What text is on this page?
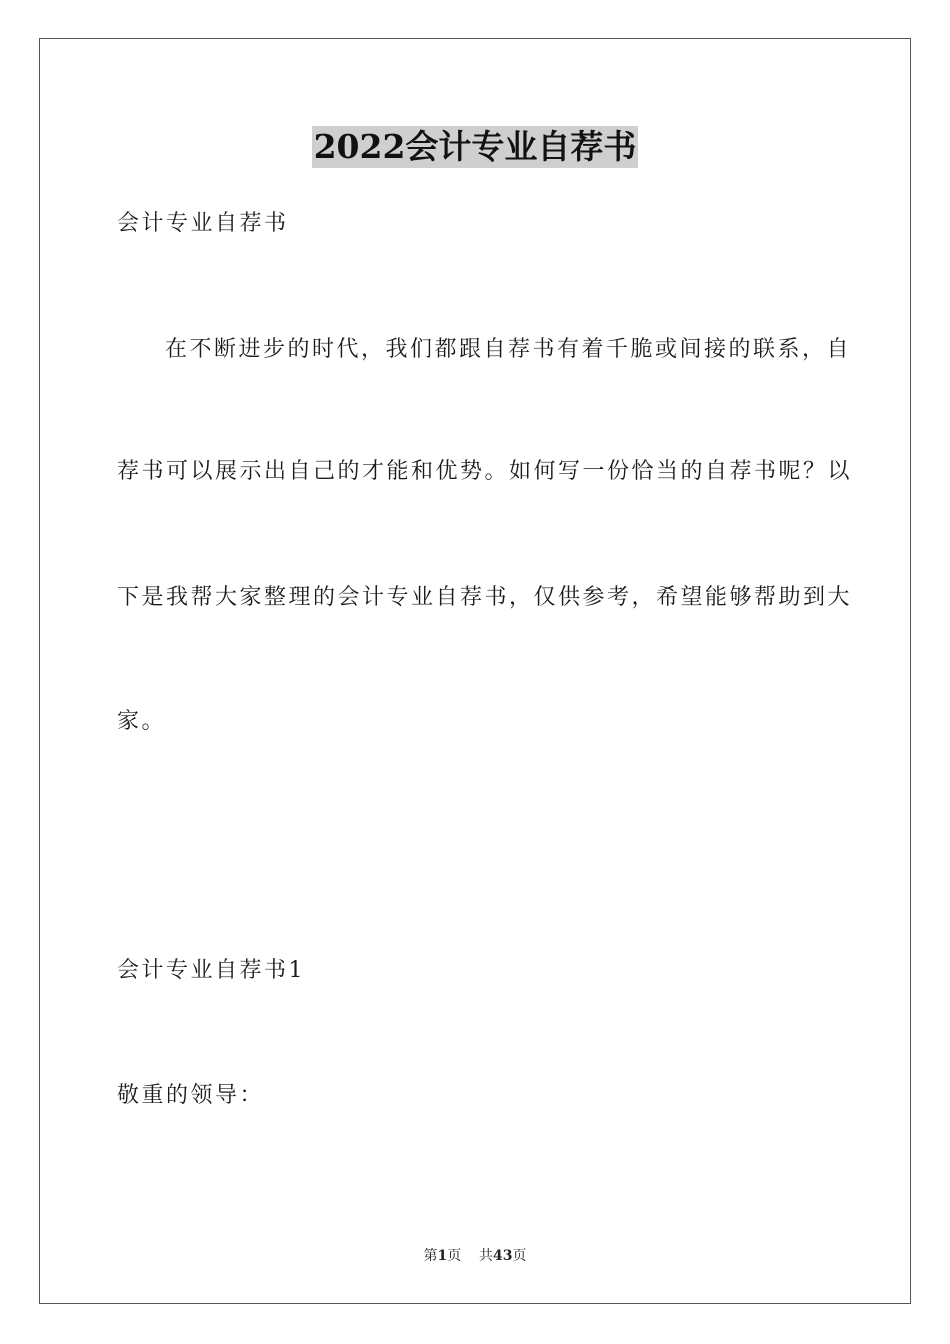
2022会计专业自荐书
会计专业自荐书
在不断进步的时代，我们都跟自荐书有着千脆或间接的联系，自
荐书可以展示出自己的才能和优势。如何写一份恰当的自荐书呢？以
下是我帮大家整理的会计专业自荐书，仅供参考，希望能够帮助到大
家。
会计专业自荐书1
敬重的领导：
第1页 共43页
